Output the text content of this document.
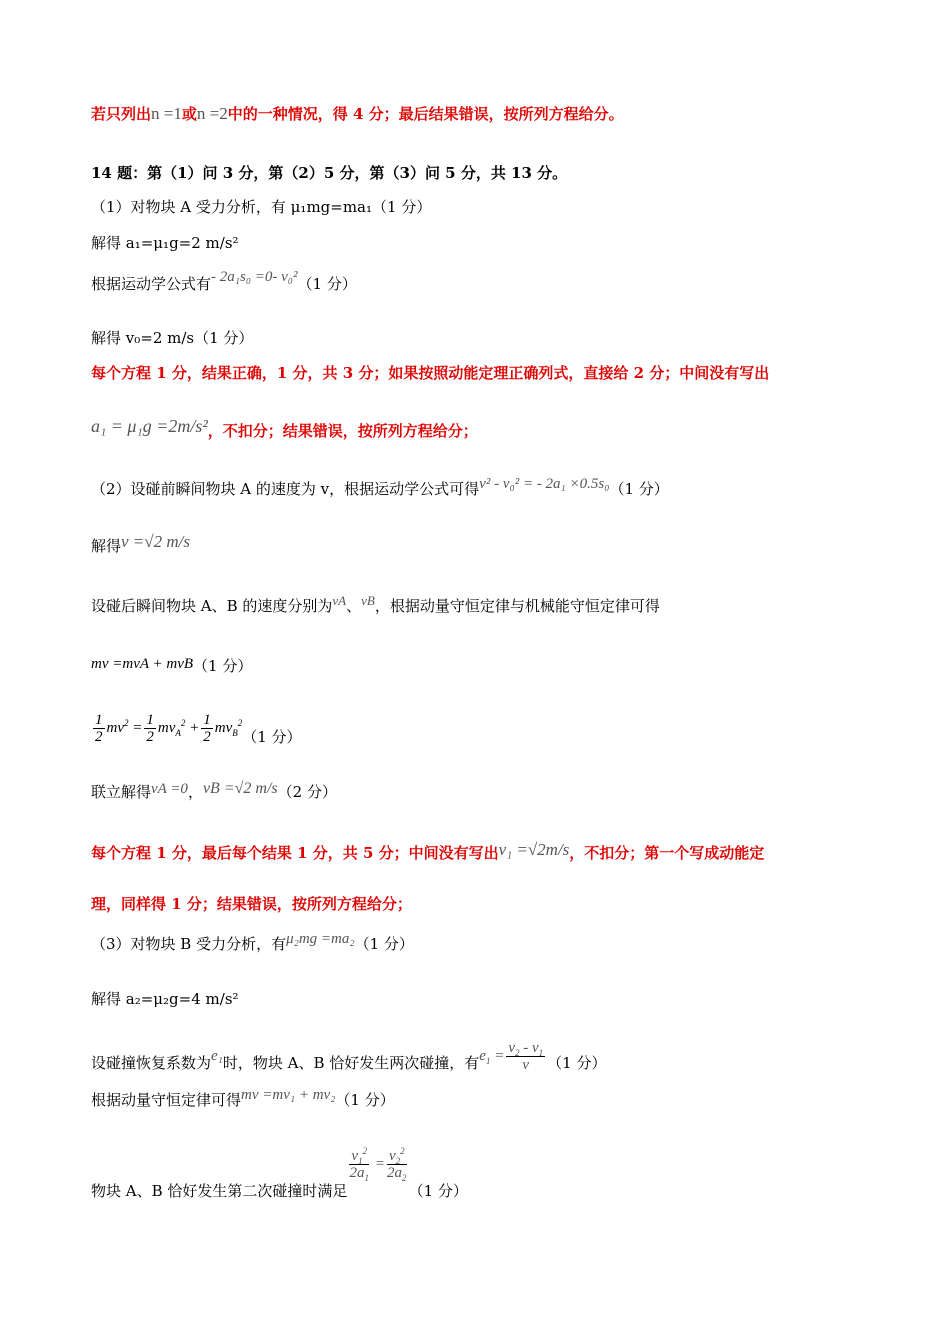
若只列出n =1或n =2中的一种情况，得 4 分；最后结果错误，按所列方程给分。
14 题：第（1）问 3 分，第（2）5 分，第（3）问 5 分，共 13 分。
（1）对物块 A 受力分析，有 μ₁mg=ma₁（1 分）
解得 a₁=μ₁g=2 m/s²
根据运动学公式有- 2a₁s₀ =0- v₀²（1 分）
解得 v₀=2 m/s（1 分）
每个方程 1 分，结果正确，1 分，共 3 分；如果按照动能定理正确列式，直接给 2 分；中间没有写出
a₁ = μ₁g =2m/s²，不扣分；结果错误，按所列方程给分；
（2）设碰前瞬间物块 A 的速度为 v，根据运动学公式可得v² - v₀² = - 2a₁ ×0.5s₀（1 分）
解得v =√2 m/s
设碰后瞬间物块 A、B 的速度分别为vA、vB，根据动量守恒定律与机械能守恒定律可得
mv =mvA + mvB（1 分）
$\frac{1}{2} mv^2 = \frac{1}{2} mv_A^2 + \frac{1}{2} mv_B^2(1$ 分）
联立解得vA =0，vB =√2 m/s（2 分）
每个方程 1 分，最后每个结果 1 分，共 5 分；中间没有写出v₁ =√2m/s，不扣分；第一个写成动能定
理，同样得 1 分；结果错误，按所列方程给分；
（3）对物块 B 受力分析，有μ₂mg =ma₂（1 分）
解得 a₂=μ₂g=4 m/s²
设碰撞恢复系数为e₁时，物块 A、B 恰好发生两次碰撞，有$e_1 = \frac{v_2 - v_1}{v} (1$ 分）
根据动量守恒定律可得mv =mv₁ + mv₂（1 分）
物块 A、B 恰好发生第二次碰撞时满足
$\frac{v_1^2}{2a_1} = \frac{v_2^2}{2a_2}$
（1 分）
